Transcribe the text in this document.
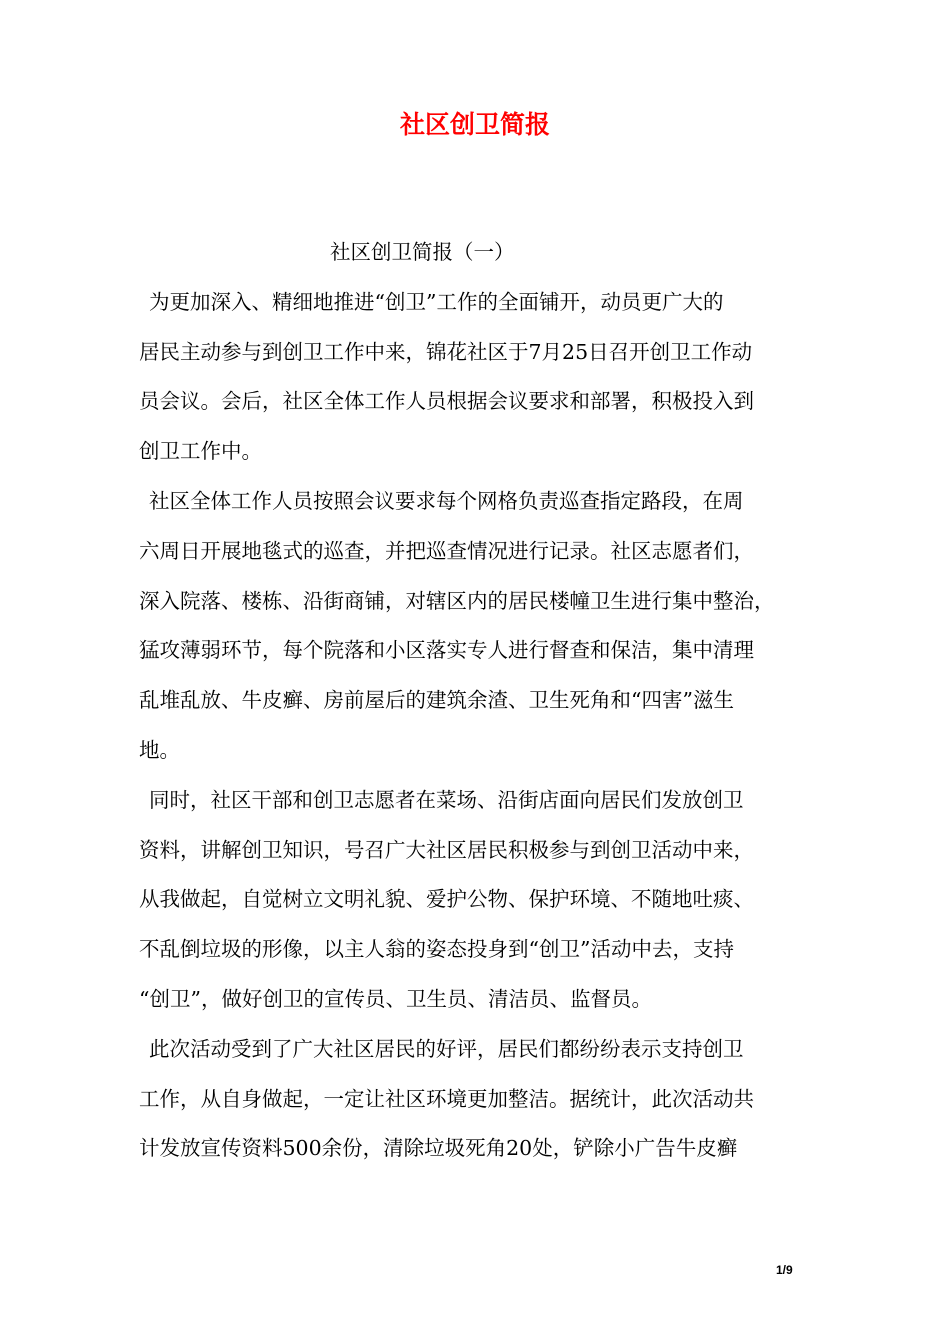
社区创卫简报

社区创卫简报（一）

为更加深入、精细地推进“创卫”工作的全面铺开，动员更广大的
居民主动参与到创卫工作中来，锦花社区于7月25日召开创卫工作动
员会议。会后，社区全体工作人员根据会议要求和部署，积极投入到
创卫工作中。
社区全体工作人员按照会议要求每个网格负责巡查指定路段，在周
六周日开展地毯式的巡查，并把巡查情况进行记录。社区志愿者们，
深入院落、楼栋、沿街商铺，对辖区内的居民楼幢卫生进行集中整治，
猛攻薄弱环节，每个院落和小区落实专人进行督查和保洁，集中清理
乱堆乱放、牛皮癣、房前屋后的建筑余渣、卫生死角和“四害”滋生
地。
同时，社区干部和创卫志愿者在菜场、沿街店面向居民们发放创卫
资料，讲解创卫知识，号召广大社区居民积极参与到创卫活动中来，
从我做起，自觉树立文明礼貌、爱护公物、保护环境、不随地吐痰、
不乱倒垃圾的形像，以主人翁的姿态投身到“创卫”活动中去，支持
“创卫”，做好创卫的宣传员、卫生员、清洁员、监督员。
此次活动受到了广大社区居民的好评，居民们都纷纷表示支持创卫
工作，从自身做起，一定让社区环境更加整洁。据统计，此次活动共
计发放宣传资料500余份，清除垃圾死角20处，铲除小广告牛皮癣
1/9
